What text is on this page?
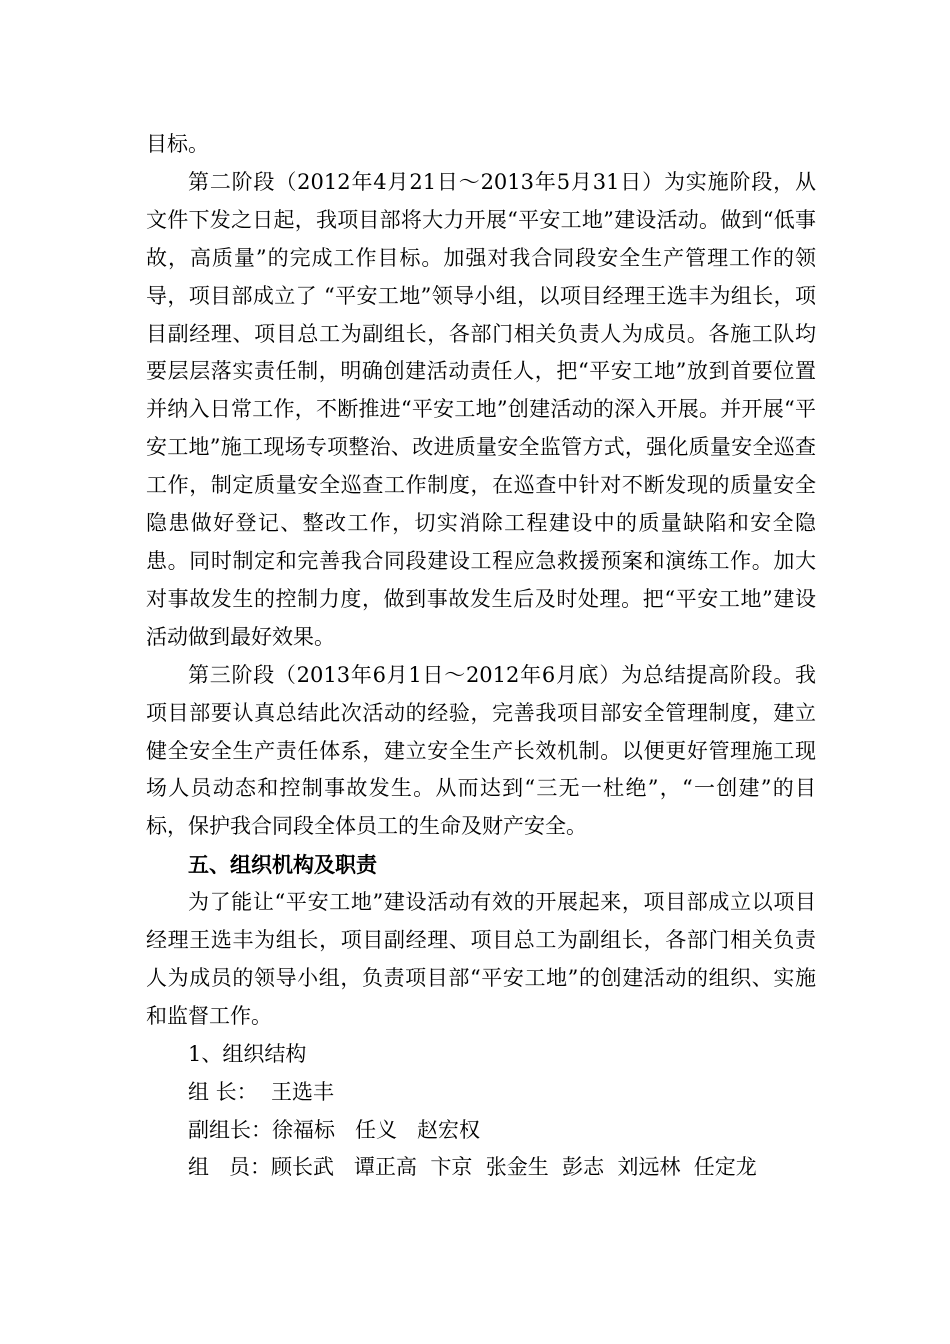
目标。

第二阶段（2012年4月21日～2013年5月31日）为实施阶段，从文件下发之日起，我项目部将大力开展“平安工地”建设活动。做到“低事故，高质量”的完成工作目标。加强对我合同段安全生产管理工作的领导，项目部成立了 “平安工地”领导小组，以项目经理王选丰为组长，项目副经理、项目总工为副组长，各部门相关负责人为成员。各施工队均要层层落实责任制，明确创建活动责任人，把“平安工地”放到首要位置并纳入日常工作，不断推进“平安工地”创建活动的深入开展。并开展“平安工地”施工现场专项整治、改进质量安全监管方式，强化质量安全巡查工作，制定质量安全巡查工作制度，在巡查中针对不断发现的质量安全隐患做好登记、整改工作，切实消除工程建设中的质量缺陷和安全隐患。同时制定和完善我合同段建设工程应急救援预案和演练工作。加大对事故发生的控制力度，做到事故发生后及时处理。把“平安工地”建设活动做到最好效果。

第三阶段（2013年6月1日～2012年6月底）为总结提高阶段。我项目部要认真总结此次活动的经验，完善我项目部安全管理制度，建立健全安全生产责任体系，建立安全生产长效机制。以便更好管理施工现场人员动态和控制事故发生。从而达到“三无一杜绝”，“一创建”的目标，保护我合同段全体员工的生命及财产安全。

五、组织机构及职责

为了能让“平安工地”建设活动有效的开展起来，项目部成立以项目经理王选丰为组长，项目副经理、项目总工为副组长，各部门相关负责人为成员的领导小组，负责项目部“平安工地”的创建活动的组织、实施和监督工作。

1、组织结构

组 长：  王选丰

副组长：徐福标   任义   赵宏权

组   员：顾长武   谭正高  卞京  张金生  彭志  刘远林  任定龙
